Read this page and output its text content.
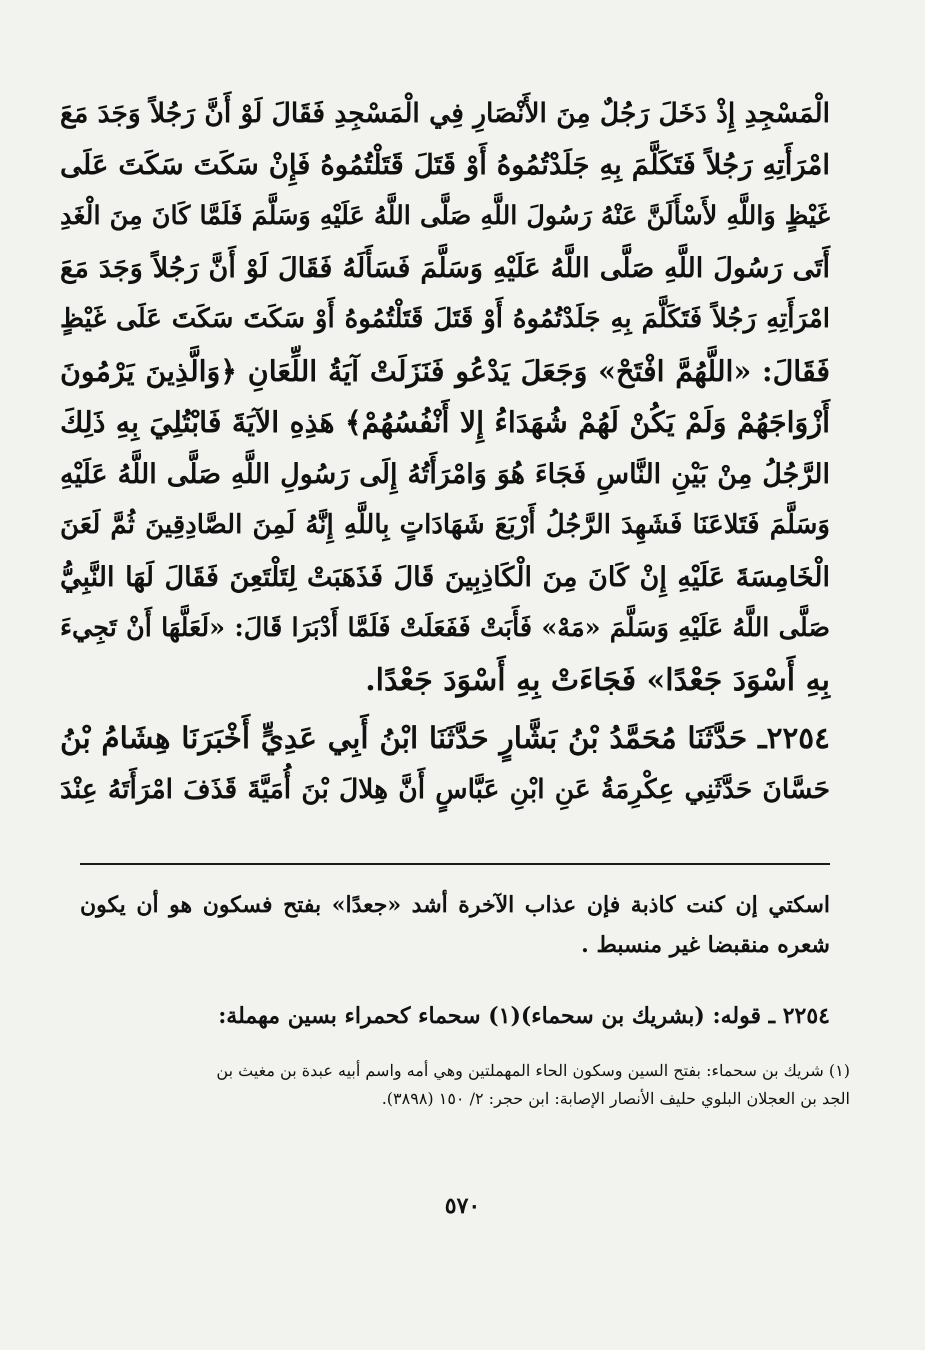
الْمَسْجِدِ إِذْ دَخَلَ رَجُلٌ مِنَ الأَنْصَارِ فِي الْمَسْجِدِ فَقَالَ لَوْ أَنَّ رَجُلاً وَجَدَ مَعَ
امْرَأَتِهِ رَجُلاً فَتَكَلَّمَ بِهِ جَلَدْتُمُوهُ أَوْ قَتَلَ قَتَلْتُمُوهُ فَإِنْ سَكَتَ سَكَتَ عَلَى
غَيْظٍ وَاللَّهِ لأَسْأَلَنَّ عَنْهُ رَسُولَ اللَّهِ صَلَّى اللَّهُ عَلَيْهِ وَسَلَّمَ فَلَمَّا كَانَ مِنَ الْغَدِ
أَتَى رَسُولَ اللَّهِ صَلَّى اللَّهُ عَلَيْهِ وَسَلَّمَ فَسَأَلَهُ فَقَالَ لَوْ أَنَّ رَجُلاً وَجَدَ مَعَ
امْرَأَتِهِ رَجُلاً فَتَكَلَّمَ بِهِ جَلَدْتُمُوهُ أَوْ قَتَلَ قَتَلْتُمُوهُ أَوْ سَكَتَ سَكَتَ عَلَى غَيْظٍ
فَقَالَ: «اللَّهُمَّ افْتَحْ» وَجَعَلَ يَدْعُو فَنَزَلَتْ آيَةُ اللِّعَانِ ﴿وَالَّذِينَ يَرْمُونَ
أَزْوَاجَهُمْ وَلَمْ يَكُنْ لَهُمْ شُهَدَاءُ إِلا أَنْفُسُهُمْ﴾ هَذِهِ الآيَةَ فَابْتُلِيَ بِهِ ذَلِكَ
الرَّجُلُ مِنْ بَيْنِ النَّاسِ فَجَاءَ هُوَ وَامْرَأَتُهُ إِلَى رَسُولِ اللَّهِ صَلَّى اللَّهُ عَلَيْهِ
وَسَلَّمَ فَتَلاعَنَا فَشَهِدَ الرَّجُلُ أَرْبَعَ شَهَادَاتٍ بِاللَّهِ إِنَّهُ لَمِنَ الصَّادِقِينَ ثُمَّ لَعَنَ
الْخَامِسَةَ عَلَيْهِ إِنْ كَانَ مِنَ الْكَاذِبِينَ قَالَ فَذَهَبَتْ لِتَلْتَعِنَ فَقَالَ لَهَا النَّبِيُّ
صَلَّى اللَّهُ عَلَيْهِ وَسَلَّمَ «مَهْ» فَأَبَتْ فَفَعَلَتْ فَلَمَّا أَدْبَرَا قَالَ: «لَعَلَّهَا أَنْ تَجِيءَ
بِهِ أَسْوَدَ جَعْدًا» فَجَاءَتْ بِهِ أَسْوَدَ جَعْدًا.
٢٢٥٤ـ حَدَّثَنَا مُحَمَّدُ بْنُ بَشَّارٍ حَدَّثَنَا ابْنُ أَبِي عَدِيٍّ أَخْبَرَنَا هِشَامُ بْنُ
حَسَّانَ حَدَّثَنِي عِكْرِمَةُ عَنِ ابْنِ عَبَّاسٍ أَنَّ هِلالَ بْنَ أُمَيَّةَ قَذَفَ امْرَأَتَهُ عِنْدَ
اسكتي إن كنت كاذبة فإن عذاب الآخرة أشد «جعدًا» بفتح فسكون هو أن يكون
شعره منقبضا غير منسبط .
٢٢٥٤ ـ قوله: (بشريك بن سحماء)(١) سحماء كحمراء بسين مهملة:
(١) شريك بن سحماء: بفتح السين وسكون الحاء المهملتين وهي أمه واسم أبيه عبدة بن مغيث بن
الجد بن العجلان البلوي حليف الأنصار الإصابة: ابن حجر: ٢/ ١٥٠ (٣٨٩٨).
٥٧٠
